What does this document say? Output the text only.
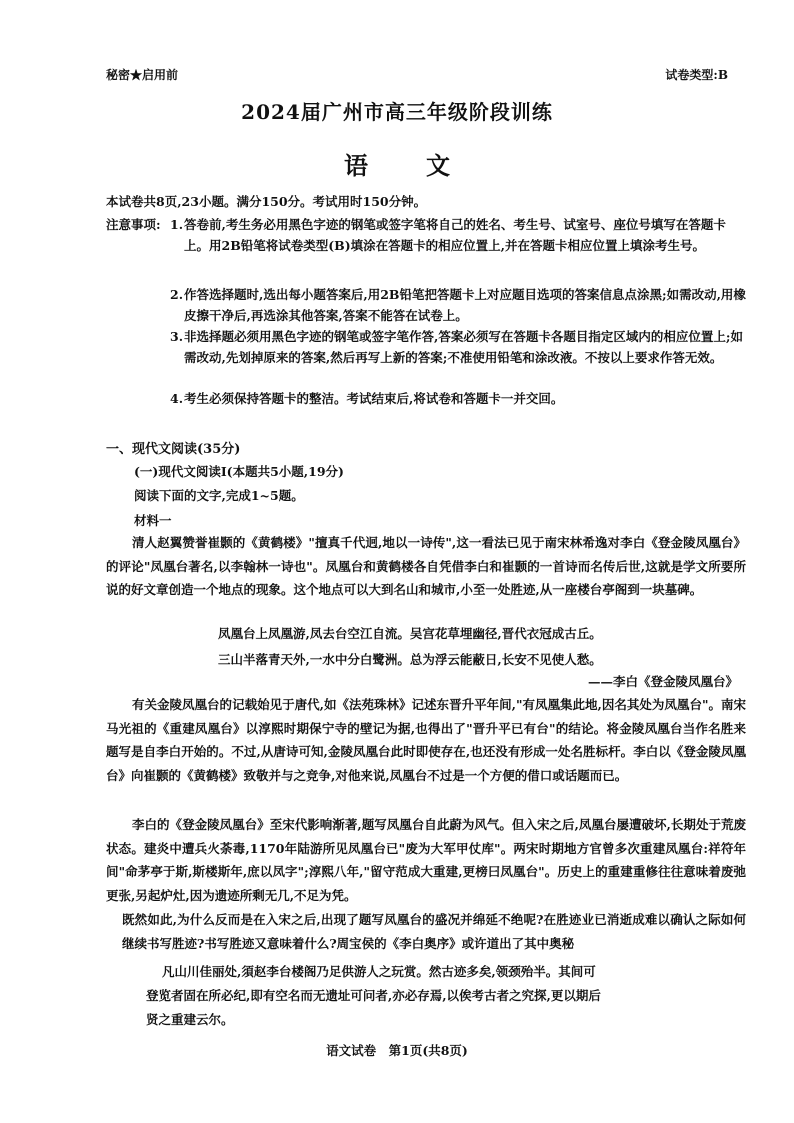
秘密★启用前	试卷类型:B
2024届广州市高三年级阶段训练
语 文
本试卷共8页,23小题。满分150分。考试用时150分钟。
注意事项: 1. 答卷前,考生务必用黑色字迹的钢笔或签字笔将自己的姓名、考生号、试室号、座位号填写在答题卡上。用2B铅笔将试卷类型(B)填涂在答题卡的相应位置上,并在答题卡相应位置上填涂考生号。
2. 作答选择题时,选出每小题答案后,用2B铅笔把答题卡上对应题目选项的答案信息点涂黑;如需改动,用橡皮擦干净后,再选涂其他答案,答案不能答在试卷上。
3. 非选择题必须用黑色字迹的钢笔或签字笔作答,答案必须写在答题卡各题目指定区域内的相应位置上;如需改动,先划掉原来的答案,然后再写上新的答案;不准使用铅笔和涂改液。不按以上要求作答无效。
4. 考生必须保持答题卡的整洁。考试结束后,将试卷和答题卡一并交回。
一、现代文阅读(35分)
(一)现代文阅读Ⅰ(本题共5小题,19分)
阅读下面的文字,完成1~5题。
材料一
清人赵翼赞誉崔颢的《黄鹤楼》"擅真千代迥,地以一诗传",这一看法已见于南宋林希逸对李白《登金陵凤凰台》的评论"凤凰台著名,以李翰林一诗也"。凤凰台和黄鹤楼各自凭借李白和崔颢的一首诗而名传后世,这就是学文所要所说的好文章创造一个地点的现象。这个地点可以大到名山和城市,小至一处胜迹,从一座楼台亭阁到一块墓碑。
凤凰台上凤凰游,凤去台空江自流。吴宫花草埋幽径,晋代衣冠成古丘。
三山半落青天外,一水中分白鹭洲。总为浮云能蔽日,长安不见使人愁。
——李白《登金陵凤凰台》
有关金陵凤凰台的记载始见于唐代,如《法苑珠林》记述东晋升平年间,"有凤凰集此地,因名其处为凤凰台"。南宋马光祖的《重建凤凰台》以淳熙时期保宁寺的壁记为据,也得出了"晋升平已有台"的结论。将金陵凤凰台当作名胜来题写是自李白开始的。不过,从唐诗可知,金陵凤凰台此时即使存在,也还没有形成一处名胜标杆。李白以《登金陵凤凰台》向崔颢的《黄鹤楼》致敬并与之竞争,对他来说,凤凰台不过是一个方便的借口或话题而已。
李白的《登金陵凤凰台》至宋代影响渐著,题写凤凰台自此蔚为风气。但入宋之后,凤凰台屡遭破坏,长期处于荒废状态。建炎中遭兵火荼毒,1170年陆游所见凤凰台已"废为大军甲仗库"。两宋时期地方官曾多次重建凤凰台:祥符年间"命茅亭于斯,斯楼斯年,庶以凤字";淳熙八年,"留守范成大重建,更榜曰凤凰台"。历史上的重建重修往往意味着废弛更张,另起炉灶,因为遗迹所剩无几,不足为凭。
既然如此,为什么反而是在入宋之后,出现了题写凤凰台的盛况并绵延不绝呢?在胜迹业已消逝成难以确认之际如何继续书写胜迹?书写胜迹又意味着什么?周宝侯的《李白奥序》或许道出了其中奥秘
凡山川佳丽处,須赵李台楼阁乃足供游人之玩赏。然古迹多矣,领颈殆半。其间可
登览者固在所必纪,即有空名而无遗址可问者,亦必存焉,以俟考古者之究探,更以期后
贤之重建云尔。
语文试卷　第1页(共8页)
